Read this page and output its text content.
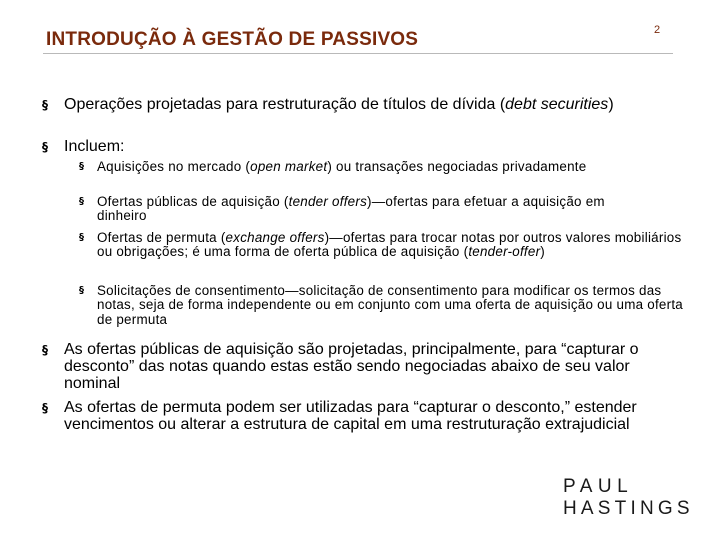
INTRODUÇÃO À GESTÃO DE PASSIVOS	2
§ Operações projetadas para restruturação de títulos de dívida (debt securities)
§ Incluem:
§ Aquisições no mercado (open market) ou transações negociadas privadamente
§ Ofertas públicas de aquisição (tender offers)—ofertas para efetuar a aquisição em dinheiro
§ Ofertas de permuta (exchange offers)—ofertas para trocar notas por outros valores mobiliários ou obrigações; é uma forma de oferta pública de aquisição (tender-offer)
§ Solicitações de consentimento—solicitação de consentimento para modificar os termos das notas, seja de forma independente ou em conjunto com uma oferta de aquisição ou uma oferta de permuta
§ As ofertas públicas de aquisição são projetadas, principalmente, para “capturar o desconto” das notas quando estas estão sendo negociadas abaixo de seu valor nominal
§ As ofertas de permuta podem ser utilizadas para “capturar o desconto,” estender vencimentos ou alterar a estrutura de capital em uma restruturação extrajudicial
PAUL
HASTINGS
